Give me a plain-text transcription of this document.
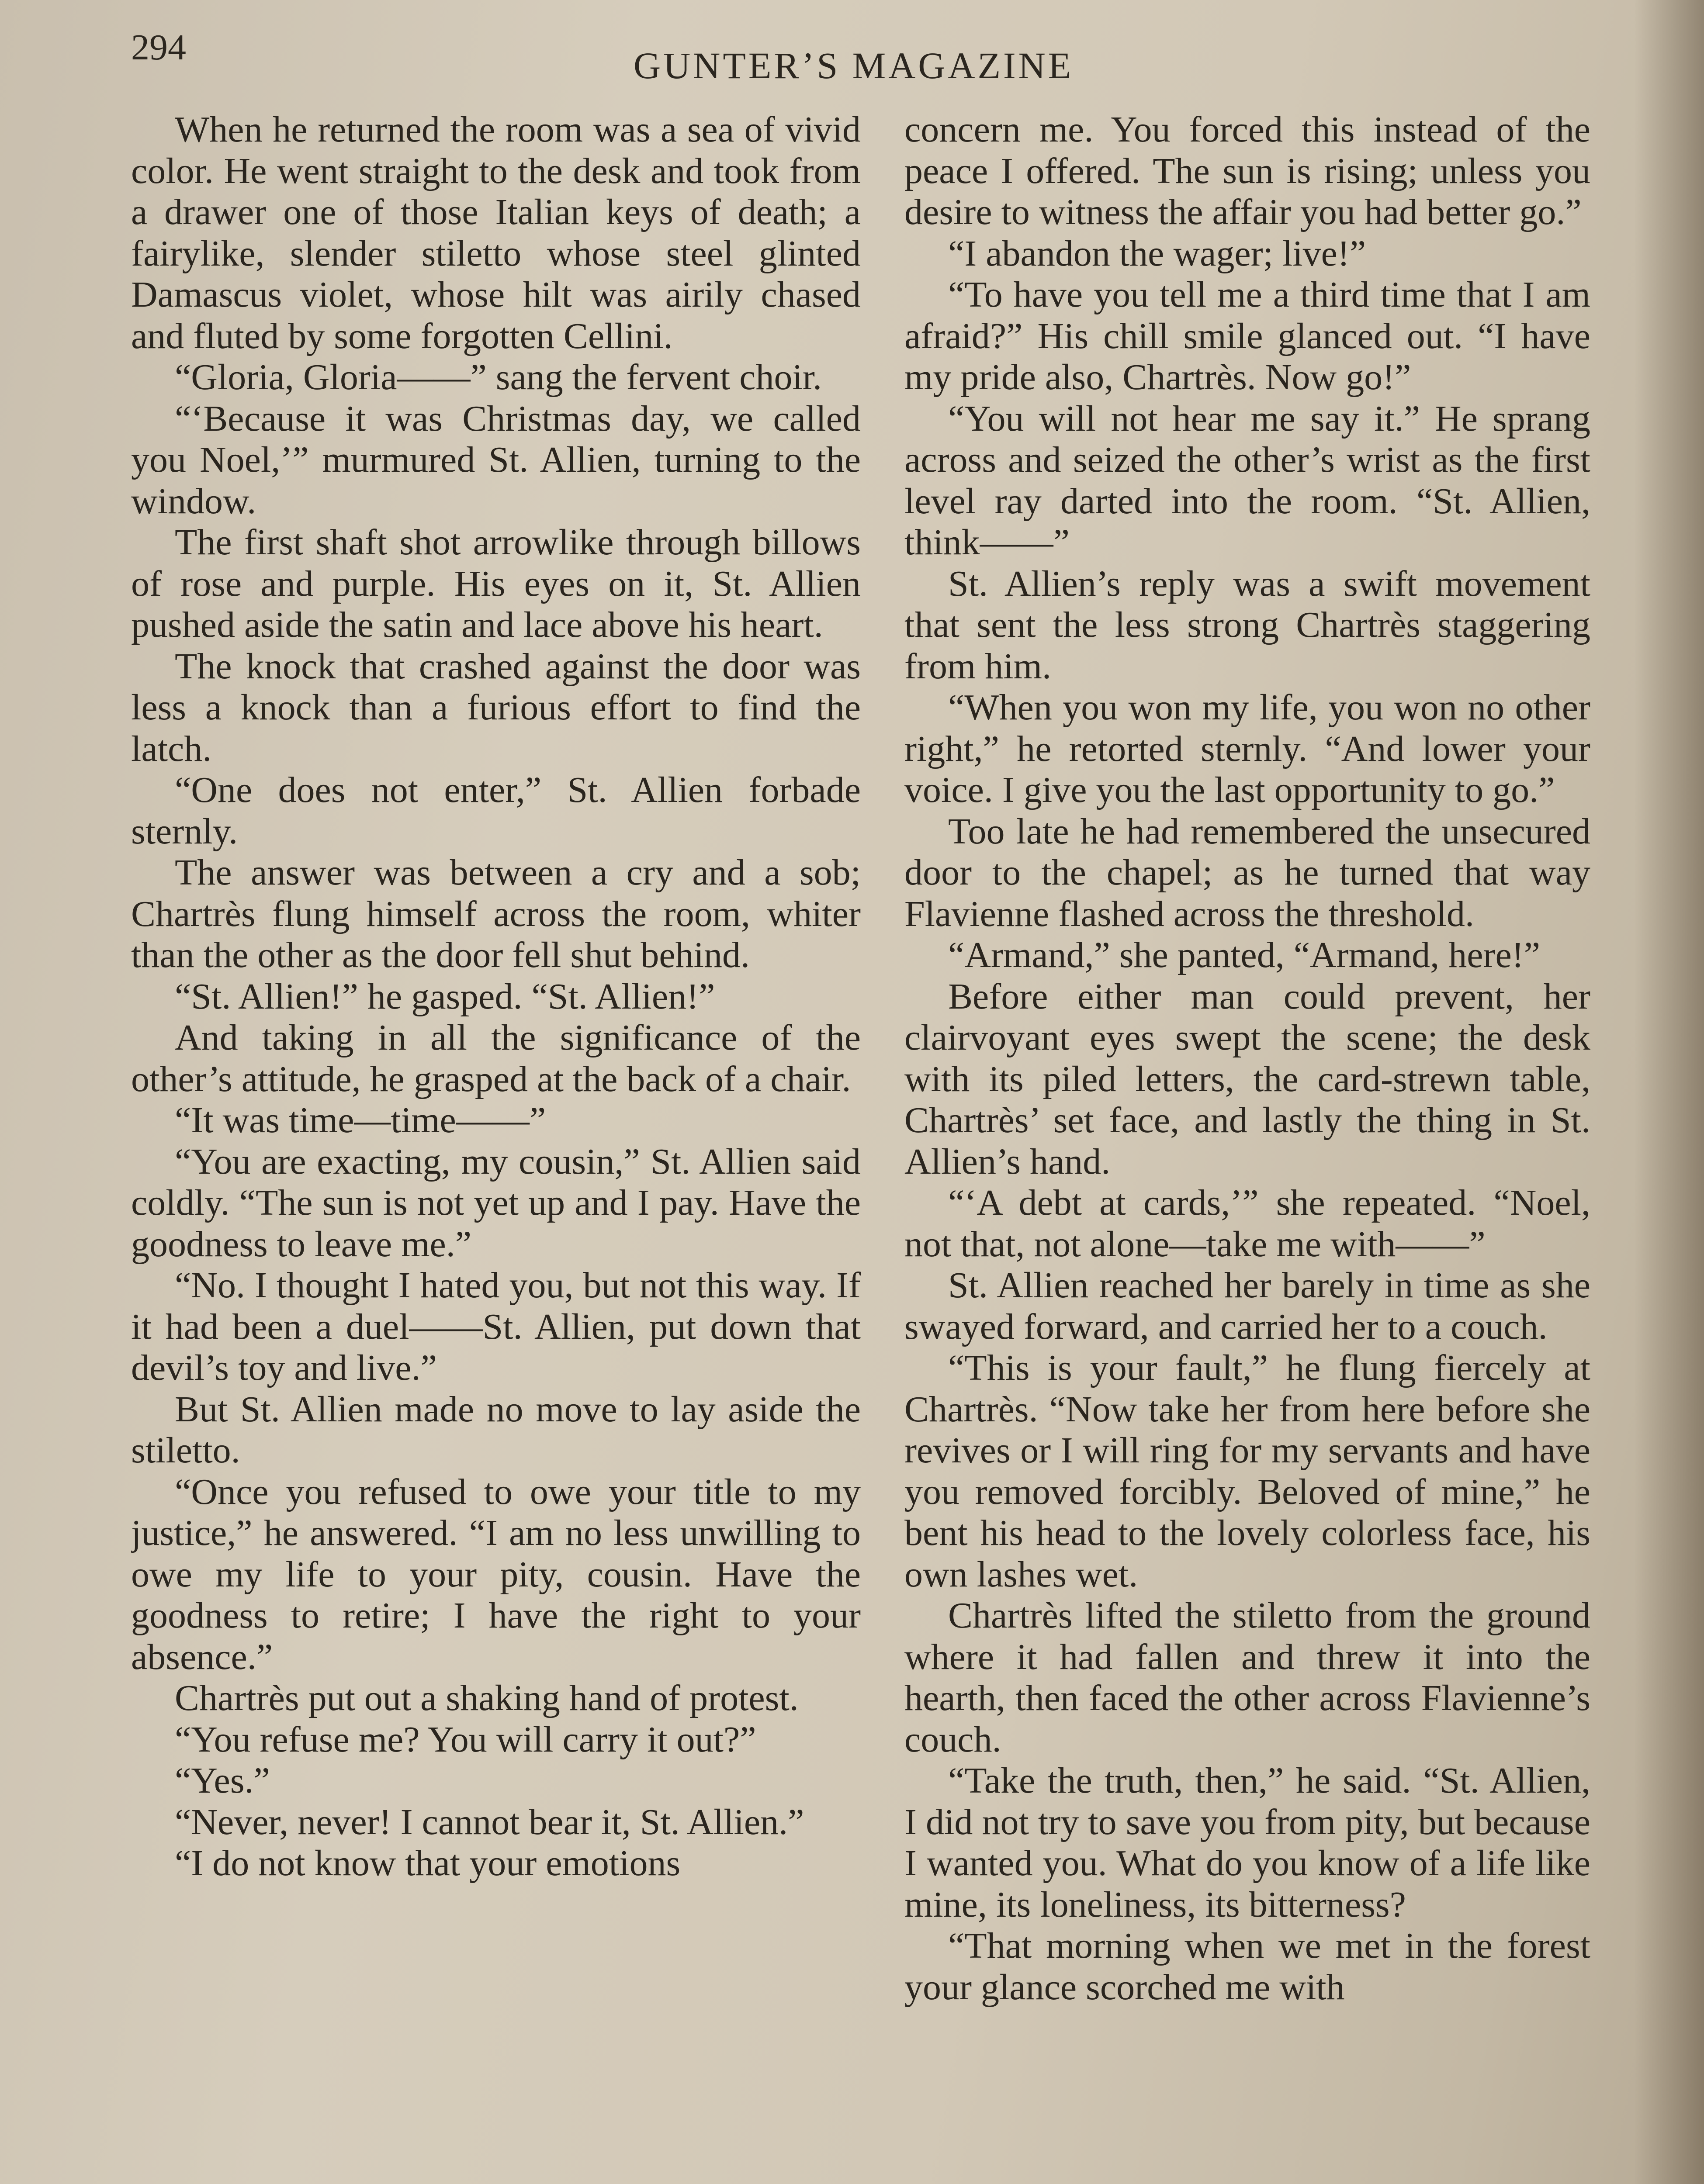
294	GUNTER’S MAGAZINE

When he returned the room was a sea of vivid color. He went straight to the desk and took from a drawer one of those Italian keys of death; a fairylike, slender stiletto whose steel glinted Damascus violet, whose hilt was airily chased and fluted by some forgotten Cellini.

“Gloria, Gloria——” sang the fervent choir.

“‘Because it was Christmas day, we called you Noel,’” murmured St. Allien, turning to the window.

The first shaft shot arrowlike through billows of rose and purple. His eyes on it, St. Allien pushed aside the satin and lace above his heart.

The knock that crashed against the door was less a knock than a furious effort to find the latch.

“One does not enter,” St. Allien forbade sternly.

The answer was between a cry and a sob; Chartrès flung himself across the room, whiter than the other as the door fell shut behind.

“St. Allien!” he gasped. “St. Allien!”

And taking in all the significance of the other’s attitude, he grasped at the back of a chair.

“It was time—time——”

“You are exacting, my cousin,” St. Allien said coldly. “The sun is not yet up and I pay. Have the goodness to leave me.”

“No. I thought I hated you, but not this way. If it had been a duel——St. Allien, put down that devil’s toy and live.”

But St. Allien made no move to lay aside the stiletto.

“Once you refused to owe your title to my justice,” he answered. “I am no less unwilling to owe my life to your pity, cousin. Have the goodness to retire; I have the right to your absence.”

Chartrès put out a shaking hand of protest.

“You refuse me? You will carry it out?”

“Yes.”

“Never, never! I cannot bear it, St. Allien.”

“I do not know that your emotions

concern me. You forced this instead of the peace I offered. The sun is rising; unless you desire to witness the affair you had better go.”

“I abandon the wager; live!”

“To have you tell me a third time that I am afraid?” His chill smile glanced out. “I have my pride also, Chartrès. Now go!”

“You will not hear me say it.” He sprang across and seized the other’s wrist as the first level ray darted into the room. “St. Allien, think——”

St. Allien’s reply was a swift movement that sent the less strong Chartrès staggering from him.

“When you won my life, you won no other right,” he retorted sternly. “And lower your voice. I give you the last opportunity to go.”

Too late he had remembered the unsecured door to the chapel; as he turned that way Flavienne flashed across the threshold.

“Armand,” she panted, “Armand, here!”

Before either man could prevent, her clairvoyant eyes swept the scene; the desk with its piled letters, the card-strewn table, Chartrès’ set face, and lastly the thing in St. Allien’s hand.

“‘A debt at cards,’” she repeated. “Noel, not that, not alone—take me with——”

St. Allien reached her barely in time as she swayed forward, and carried her to a couch.

“This is your fault,” he flung fiercely at Chartrès. “Now take her from here before she revives or I will ring for my servants and have you removed forcibly. Beloved of mine,” he bent his head to the lovely colorless face, his own lashes wet.

Chartrès lifted the stiletto from the ground where it had fallen and threw it into the hearth, then faced the other across Flavienne’s couch.

“Take the truth, then,” he said. “St. Allien, I did not try to save you from pity, but because I wanted you. What do you know of a life like mine, its loneliness, its bitterness?

“That morning when we met in the forest your glance scorched me with
